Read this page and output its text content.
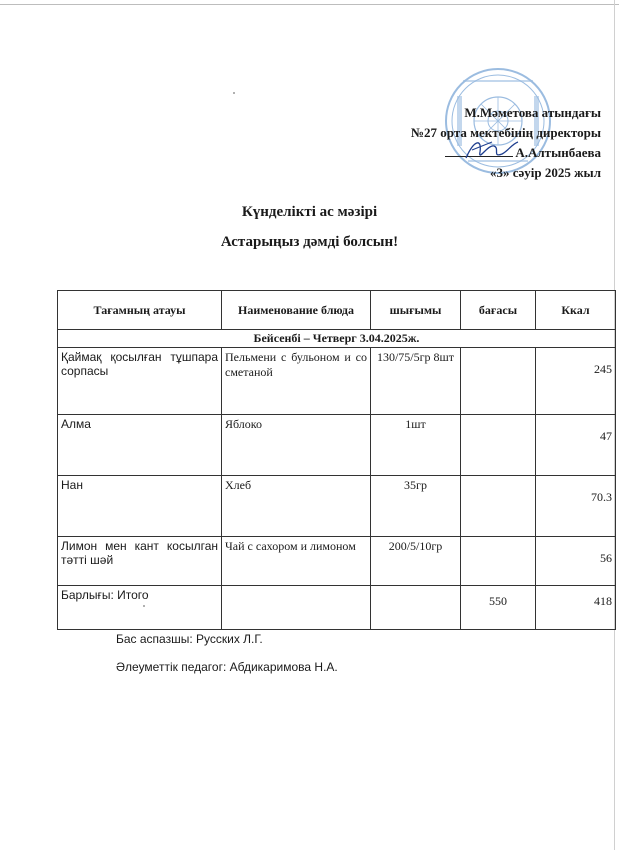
М.Мәметова атындағы
№27 орта мектебінің директоры
А.Алтынбаева
«3» сәуір 2025 жыл
Күнделікті ас мәзірі
Астарыңыз дәмді болсын!
Тағамның атауы	Наименование блюда	шығымы	бағасы	Ккал
Бейсенбі – Четверг 3.04.2025ж.				
Қаймақ қосылған тұшпара сорпасы	Пельмени с бульоном и со сметаной	130/75/5гр 8шт		245
Алма	Яблоко	1шт		47
Нан	Хлеб	35гр		70.3
Лимон мен кант косылган тәтті шәй	Чай с сахором и лимоном	200/5/10гр		56
Барлығы: Итого			550	418
Бас аспазшы: Русских Л.Г.
Әлеуметтік педагог: Абдикаримова Н.А.
